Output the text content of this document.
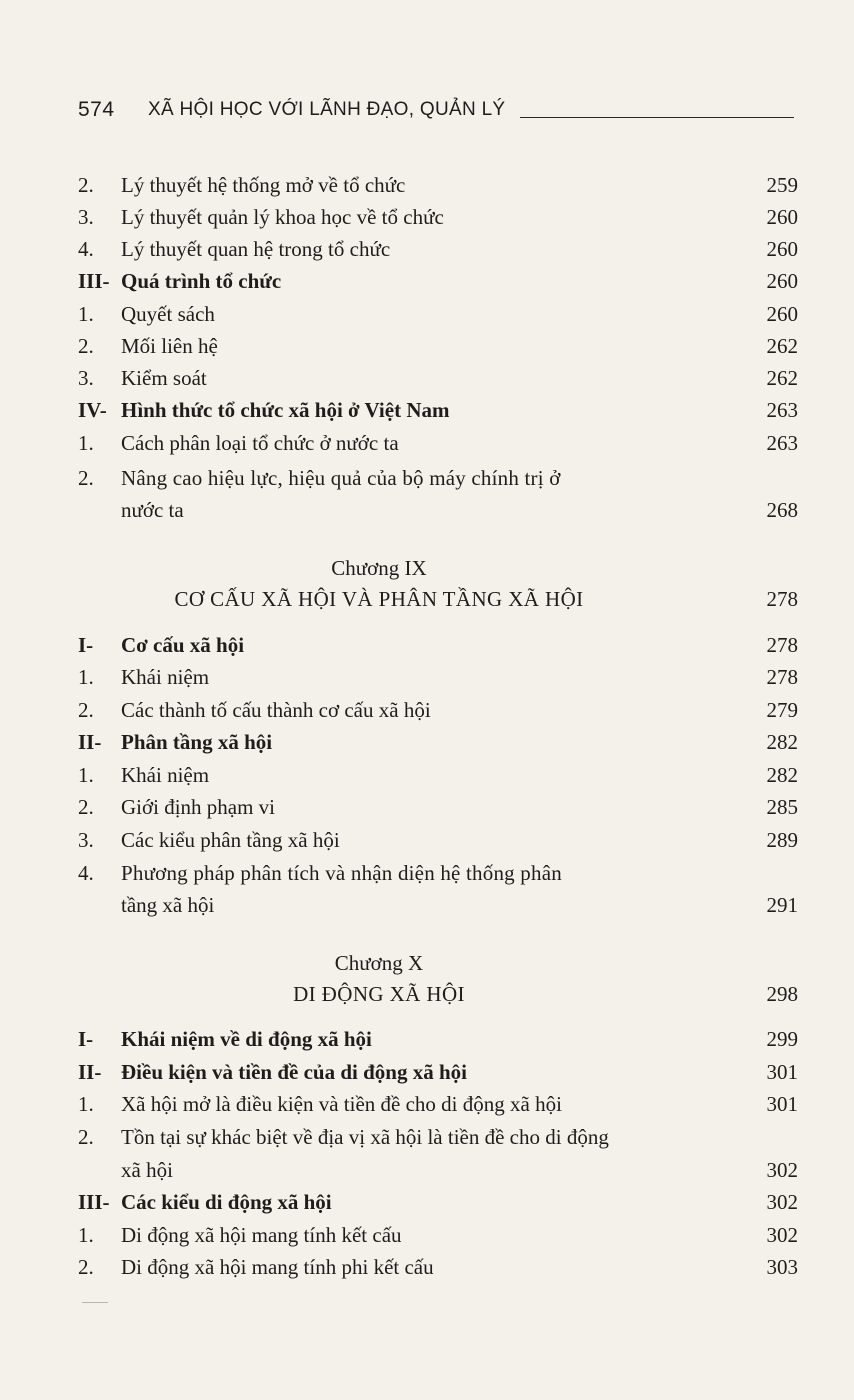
574 XÃ HỘI HỌC VỚI LÃNH ĐẠO, QUẢN LÝ
2. Lý thuyết hệ thống mở về tổ chức	259
3. Lý thuyết quản lý khoa học về tổ chức	260
4. Lý thuyết quan hệ trong tổ chức	260
III- Quá trình tổ chức	260
1. Quyết sách	260
2. Mối liên hệ	262
3. Kiểm soát	262
IV- Hình thức tổ chức xã hội ở Việt Nam	263
1. Cách phân loại tổ chức ở nước ta	263
2. Nâng cao hiệu lực, hiệu quả của bộ máy chính trị ở
nước ta	268
Chương IX
CƠ CẤU XÃ HỘI VÀ PHÂN TẦNG XÃ HỘI	278
I- Cơ cấu xã hội	278
1. Khái niệm	278
2. Các thành tố cấu thành cơ cấu xã hội	279
II- Phân tầng xã hội	282
1. Khái niệm	282
2. Giới định phạm vi	285
3. Các kiểu phân tầng xã hội	289
4. Phương pháp phân tích và nhận diện hệ thống phân
tầng xã hội	291
Chương X
DI ĐỘNG XÃ HỘI	298
I- Khái niệm về di động xã hội	299
II- Điều kiện và tiền đề của di động xã hội	301
1. Xã hội mở là điều kiện và tiền đề cho di động xã hội	301
2. Tồn tại sự khác biệt về địa vị xã hội là tiền đề cho di động
xã hội	302
III- Các kiểu di động xã hội	302
1. Di động xã hội mang tính kết cấu	302
2. Di động xã hội mang tính phi kết cấu	303
